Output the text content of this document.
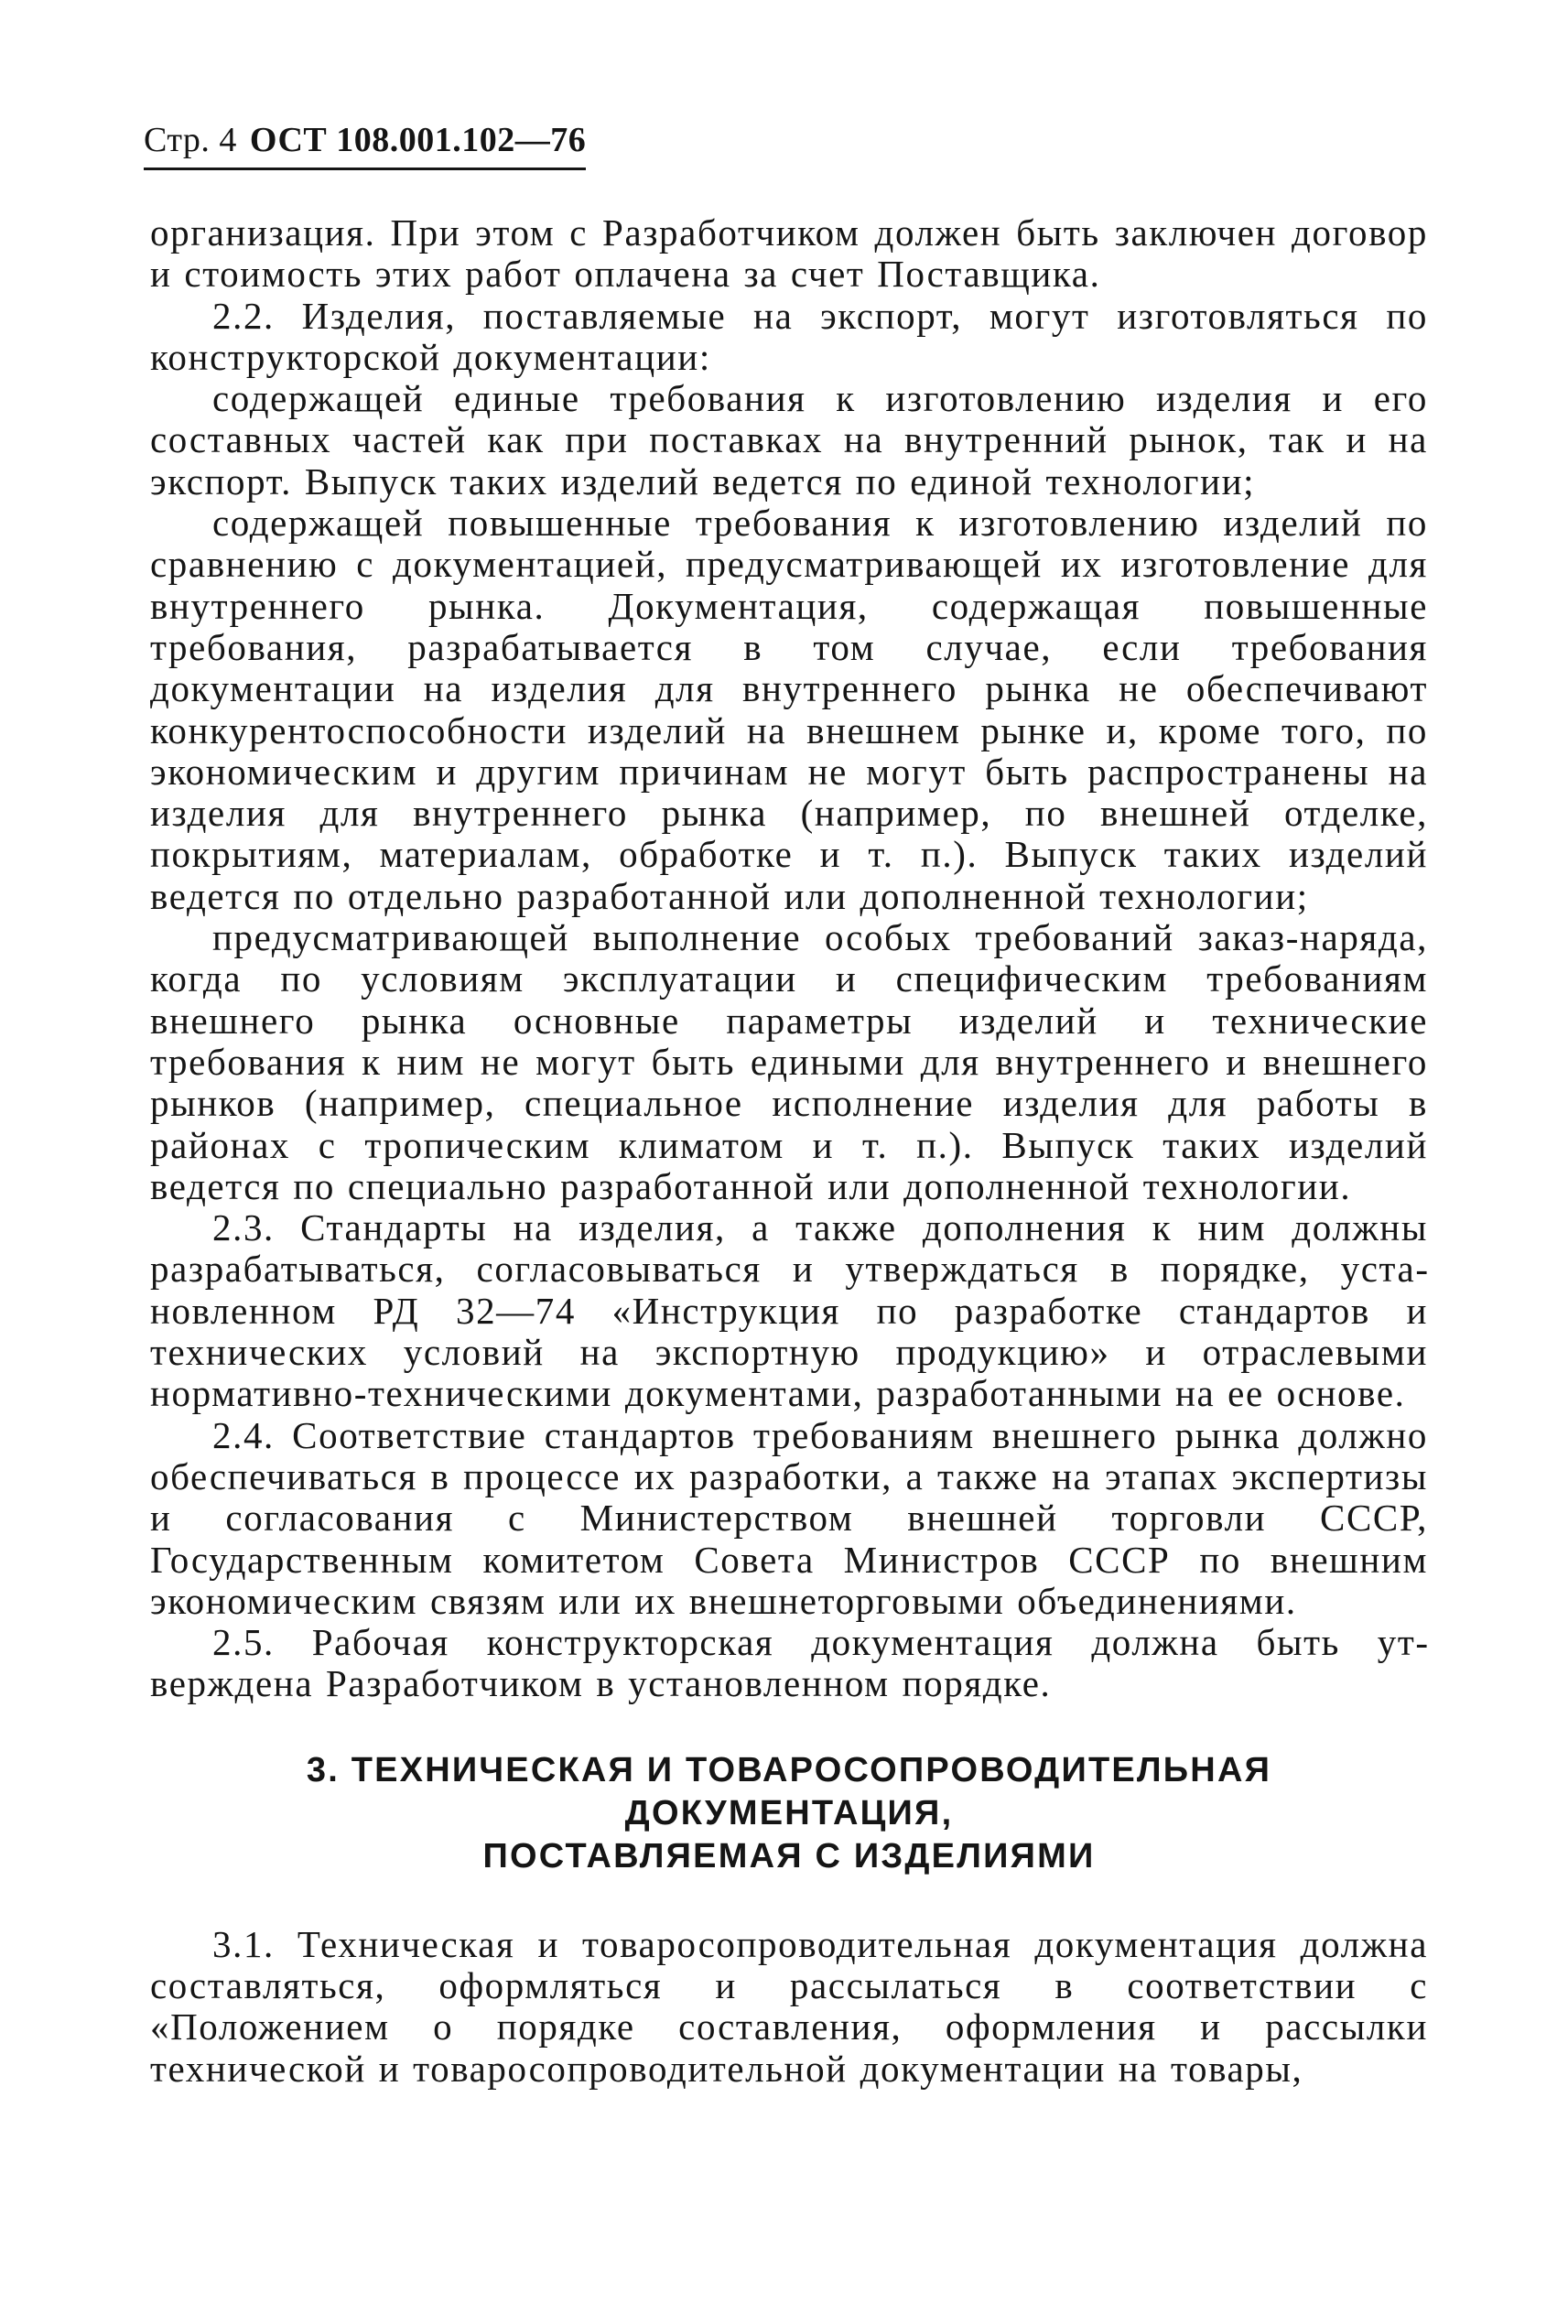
Стр. 4 ОСТ 108.001.102—76

организация. При этом с Разработчиком должен быть заключен договор и стоимость этих работ оплачена за счет Поставщика.

2.2. Изделия, поставляемые на экспорт, могут изготовляться по конструкторской документации:

содержащей единые требования к изготовлению изделия и его составных частей как при поставках на внутренний рынок, так и на экспорт. Выпуск таких изделий ведется по единой технологии;

содержащей повышенные требования к изготовлению изделий по сравнению с документацией, предусматривающей их изготовление для внутреннего рынка. Документация, содержащая повышенные требования, разрабатывается в том случае, если требования документации на изделия для внутреннего рынка не обеспечивают конкурентоспособности изделий на внешнем рынке и, кроме того, по экономическим и другим причинам не могут быть распространены на изделия для внутреннего рынка (например, по внешней отделке, покрытиям, материалам, обработке и т. п.). Выпуск таких изделий ведется по отдельно разработанной или дополненной технологии;

предусматривающей выполнение особых требований заказ-наряда, когда по условиям эксплуатации и специфическим требованиям внешнего рынка основные параметры изделий и технические требования к ним не могут быть едиными для внутреннего и внешнего рынков (например, специальное исполнение изделия для работы в районах с тропическим климатом и т. п.). Выпуск таких изделий ведется по специально разработанной или дополненной технологии.

2.3. Стандарты на изделия, а также дополнения к ним должны разрабатываться, согласовываться и утверждаться в порядке, установленном РД 32—74 «Инструкция по разработке стандартов и технических условий на экспортную продукцию» и отраслевыми нормативно-техническими документами, разработанными на ее основе.

2.4. Соответствие стандартов требованиям внешнего рынка должно обеспечиваться в процессе их разработки, а также на этапах экспертизы и согласования с Министерством внешней торговли СССР, Государственным комитетом Совета Министров СССР по внешним экономическим связям или их внешнеторговыми объединениями.

2.5. Рабочая конструкторская документация должна быть утверждена Разработчиком в установленном порядке.

3. ТЕХНИЧЕСКАЯ И ТОВАРОСОПРОВОДИТЕЛЬНАЯ ДОКУМЕНТАЦИЯ,
ПОСТАВЛЯЕМАЯ С ИЗДЕЛИЯМИ

3.1. Техническая и товаросопроводительная документация должна составляться, оформляться и рассылаться в соответствии с «Положением о порядке составления, оформления и рассылки технической и товаросопроводительной документации на товары,
